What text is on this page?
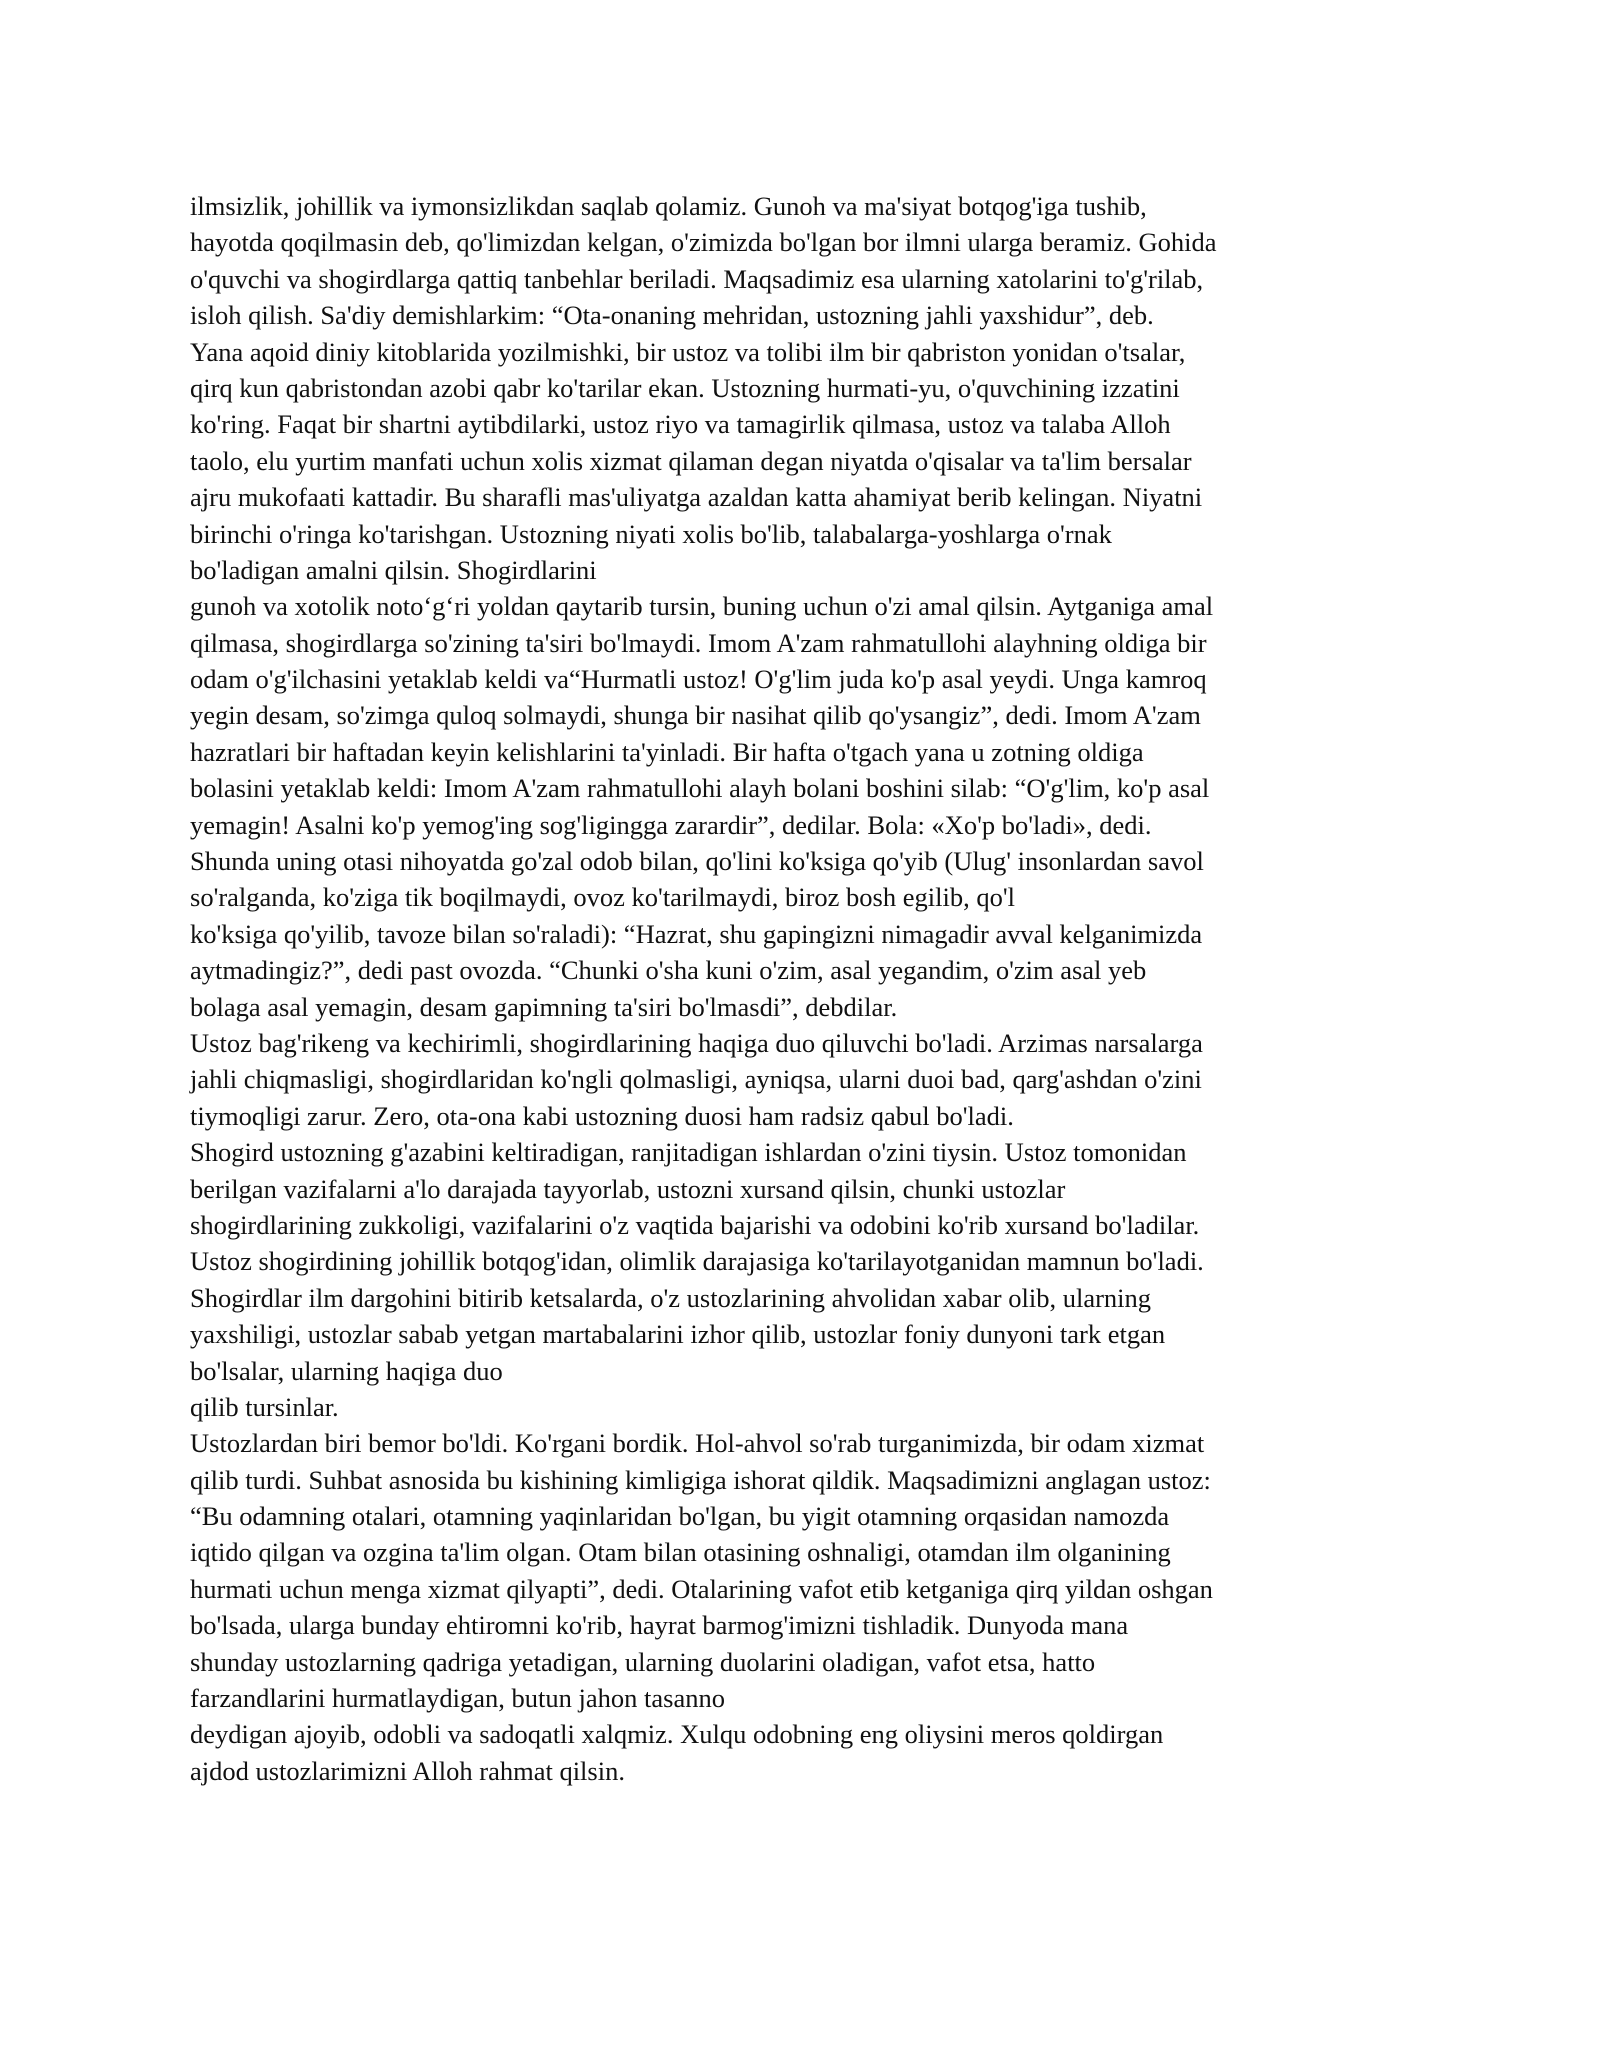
ilmsizlik, johillik va iymonsizlikdan saqlab qolamiz. Gunoh va ma'siyat botqog'iga tushib,
hayotda qoqilmasin deb, qo'limizdan kelgan, o'zimizda bo'lgan bor ilmni ularga beramiz. Gohida
o'quvchi va shogirdlarga qattiq tanbehlar beriladi. Maqsadimiz esa ularning xatolarini to'g'rilab,
isloh qilish. Sa'diy demishlarkim: “Ota-onaning mehridan, ustozning jahli yaxshidur”, deb.
Yana aqoid diniy kitoblarida yozilmishki, bir ustoz va tolibi ilm bir qabriston yonidan o'tsalar,
qirq kun qabristondan azobi qabr ko'tarilar ekan. Ustozning hurmati-yu, o'quvchining izzatini
ko'ring. Faqat bir shartni aytibdilarki, ustoz riyo va tamagirlik qilmasa, ustoz va talaba Alloh
taolo, elu yurtim manfati uchun xolis xizmat qilaman degan niyatda o'qisalar va ta'lim bersalar
ajru mukofaati kattadir. Bu sharafli mas'uliyatga azaldan katta ahamiyat berib kelingan. Niyatni
birinchi o'ringa ko'tarishgan. Ustozning niyati xolis bo'lib, talabalarga-yoshlarga o'rnak
bo'ladigan amalni qilsin. Shogirdlarini
gunoh va xotolik noto‘g‘ri yoldan qaytarib tursin, buning uchun o'zi amal qilsin. Aytganiga amal
qilmasa, shogirdlarga so'zining ta'siri bo'lmaydi. Imom A'zam rahmatullohi alayhning oldiga bir
odam o'g'ilchasini yetaklab keldi va“Hurmatli ustoz! O'g'lim juda ko'p asal yeydi. Unga kamroq
yegin desam, so'zimga quloq solmaydi, shunga bir nasihat qilib qo'ysangiz”, dedi. Imom A'zam
hazratlari bir haftadan keyin kelishlarini ta'yinladi. Bir hafta o'tgach yana u zotning oldiga
bolasini yetaklab keldi: Imom A'zam rahmatullohi alayh bolani boshini silab: “O'g'lim, ko'p asal
yemagin! Asalni ko'p yemog'ing sog'ligingga zarardir”, dedilar. Bola: «Xo'p bo'ladi», dedi.
Shunda uning otasi nihoyatda go'zal odob bilan, qo'lini ko'ksiga qo'yib (Ulug' insonlardan savol
so'ralganda, ko'ziga tik boqilmaydi, ovoz ko'tarilmaydi, biroz bosh egilib, qo'l
ko'ksiga qo'yilib, tavoze bilan so'raladi): “Hazrat, shu gapingizni nimagadir avval kelganimizda
aytmadingiz?”, dedi past ovozda. “Chunki o'sha kuni o'zim, asal yegandim, o'zim asal yeb
bolaga asal yemagin, desam gapimning ta'siri bo'lmasdi”, debdilar.
Ustoz bag'rikeng va kechirimli, shogirdlarining haqiga duo qiluvchi bo'ladi. Arzimas narsalarga
jahli chiqmasligi, shogirdlaridan ko'ngli qolmasligi, ayniqsa, ularni duoi bad, qarg'ashdan o'zini
tiymoqligi zarur. Zero, ota-ona kabi ustozning duosi ham radsiz qabul bo'ladi.
Shogird ustozning g'azabini keltiradigan, ranjitadigan ishlardan o'zini tiysin. Ustoz tomonidan
berilgan vazifalarni a'lo darajada tayyorlab, ustozni xursand qilsin, chunki ustozlar
shogirdlarining zukkoligi, vazifalarini o'z vaqtida bajarishi va odobini ko'rib xursand bo'ladilar.
Ustoz shogirdining johillik botqog'idan, olimlik darajasiga ko'tarilayotganidan mamnun bo'ladi.
Shogirdlar ilm dargohini bitirib ketsalarda, o'z ustozlarining ahvolidan xabar olib, ularning
yaxshiligi, ustozlar sabab yetgan martabalarini izhor qilib, ustozlar foniy dunyoni tark etgan
bo'lsalar, ularning haqiga duo
qilib tursinlar.
Ustozlardan biri bemor bo'ldi. Ko'rgani bordik. Hol-ahvol so'rab turganimizda, bir odam xizmat
qilib turdi. Suhbat asnosida bu kishining kimligiga ishorat qildik. Maqsadimizni anglagan ustoz:
“Bu odamning otalari, otamning yaqinlaridan bo'lgan, bu yigit otamning orqasidan namozda
iqtido qilgan va ozgina ta'lim olgan. Otam bilan otasining oshnaligi, otamdan ilm olganining
hurmati uchun menga xizmat qilyapti”, dedi. Otalarining vafot etib ketganiga qirq yildan oshgan
bo'lsada, ularga bunday ehtiromni ko'rib, hayrat barmog'imizni tishladik. Dunyoda mana
shunday ustozlarning qadriga yetadigan, ularning duolarini oladigan, vafot etsa, hatto
farzandlarini hurmatlaydigan, butun jahon tasanno
deydigan ajoyib, odobli va sadoqatli xalqmiz. Xulqu odobning eng oliysini meros qoldirgan
ajdod ustozlarimizni Alloh rahmat qilsin.
